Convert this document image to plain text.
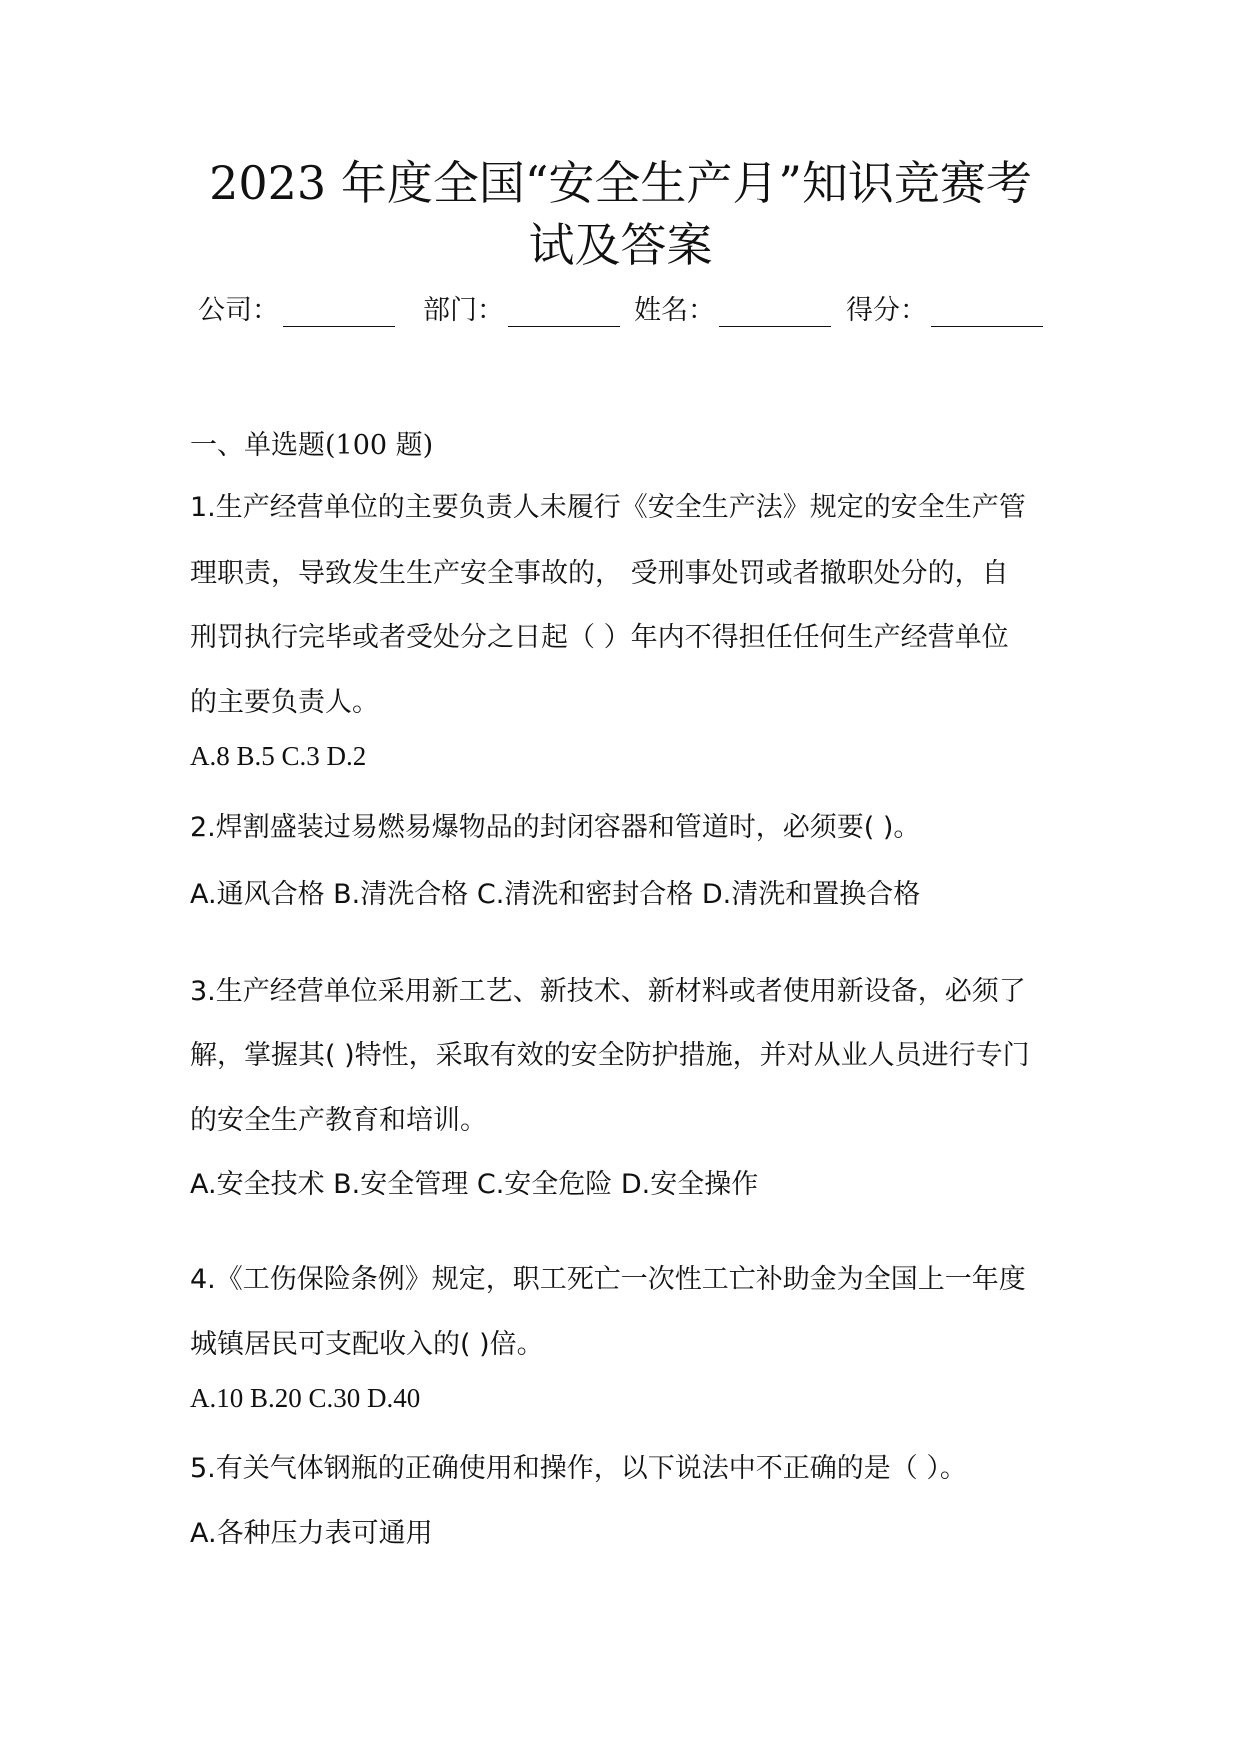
2023 年度全国“安全生产月”知识竞赛考
试及答案
公司：	部门：	姓名：	得分：
一、单选题(100 题)
1.生产经营单位的主要负责人未履行《安全生产法》规定的安全生产管
理职责，导致发生生产安全事故的， 受刑事处罚或者撤职处分的，自
刑罚执行完毕或者受处分之日起（ ）年内不得担任任何生产经营单位
的主要负责人。
A.8 B.5 C.3 D.2
2.焊割盛装过易燃易爆物品的封闭容器和管道时，必须要( )。
A.通风合格 B.清洗合格 C.清洗和密封合格 D.清洗和置换合格
3.生产经营单位采用新工艺、新技术、新材料或者使用新设备，必须了
解，掌握其( )特性，采取有效的安全防护措施，并对从业人员进行专门
的安全生产教育和培训。
A.安全技术 B.安全管理 C.安全危险 D.安全操作
4.《工伤保险条例》规定，职工死亡一次性工亡补助金为全国上一年度
城镇居民可支配收入的( )倍。
A.10 B.20 C.30 D.40
5.有关气体钢瓶的正确使用和操作，以下说法中不正确的是（ ）。
A.各种压力表可通用
